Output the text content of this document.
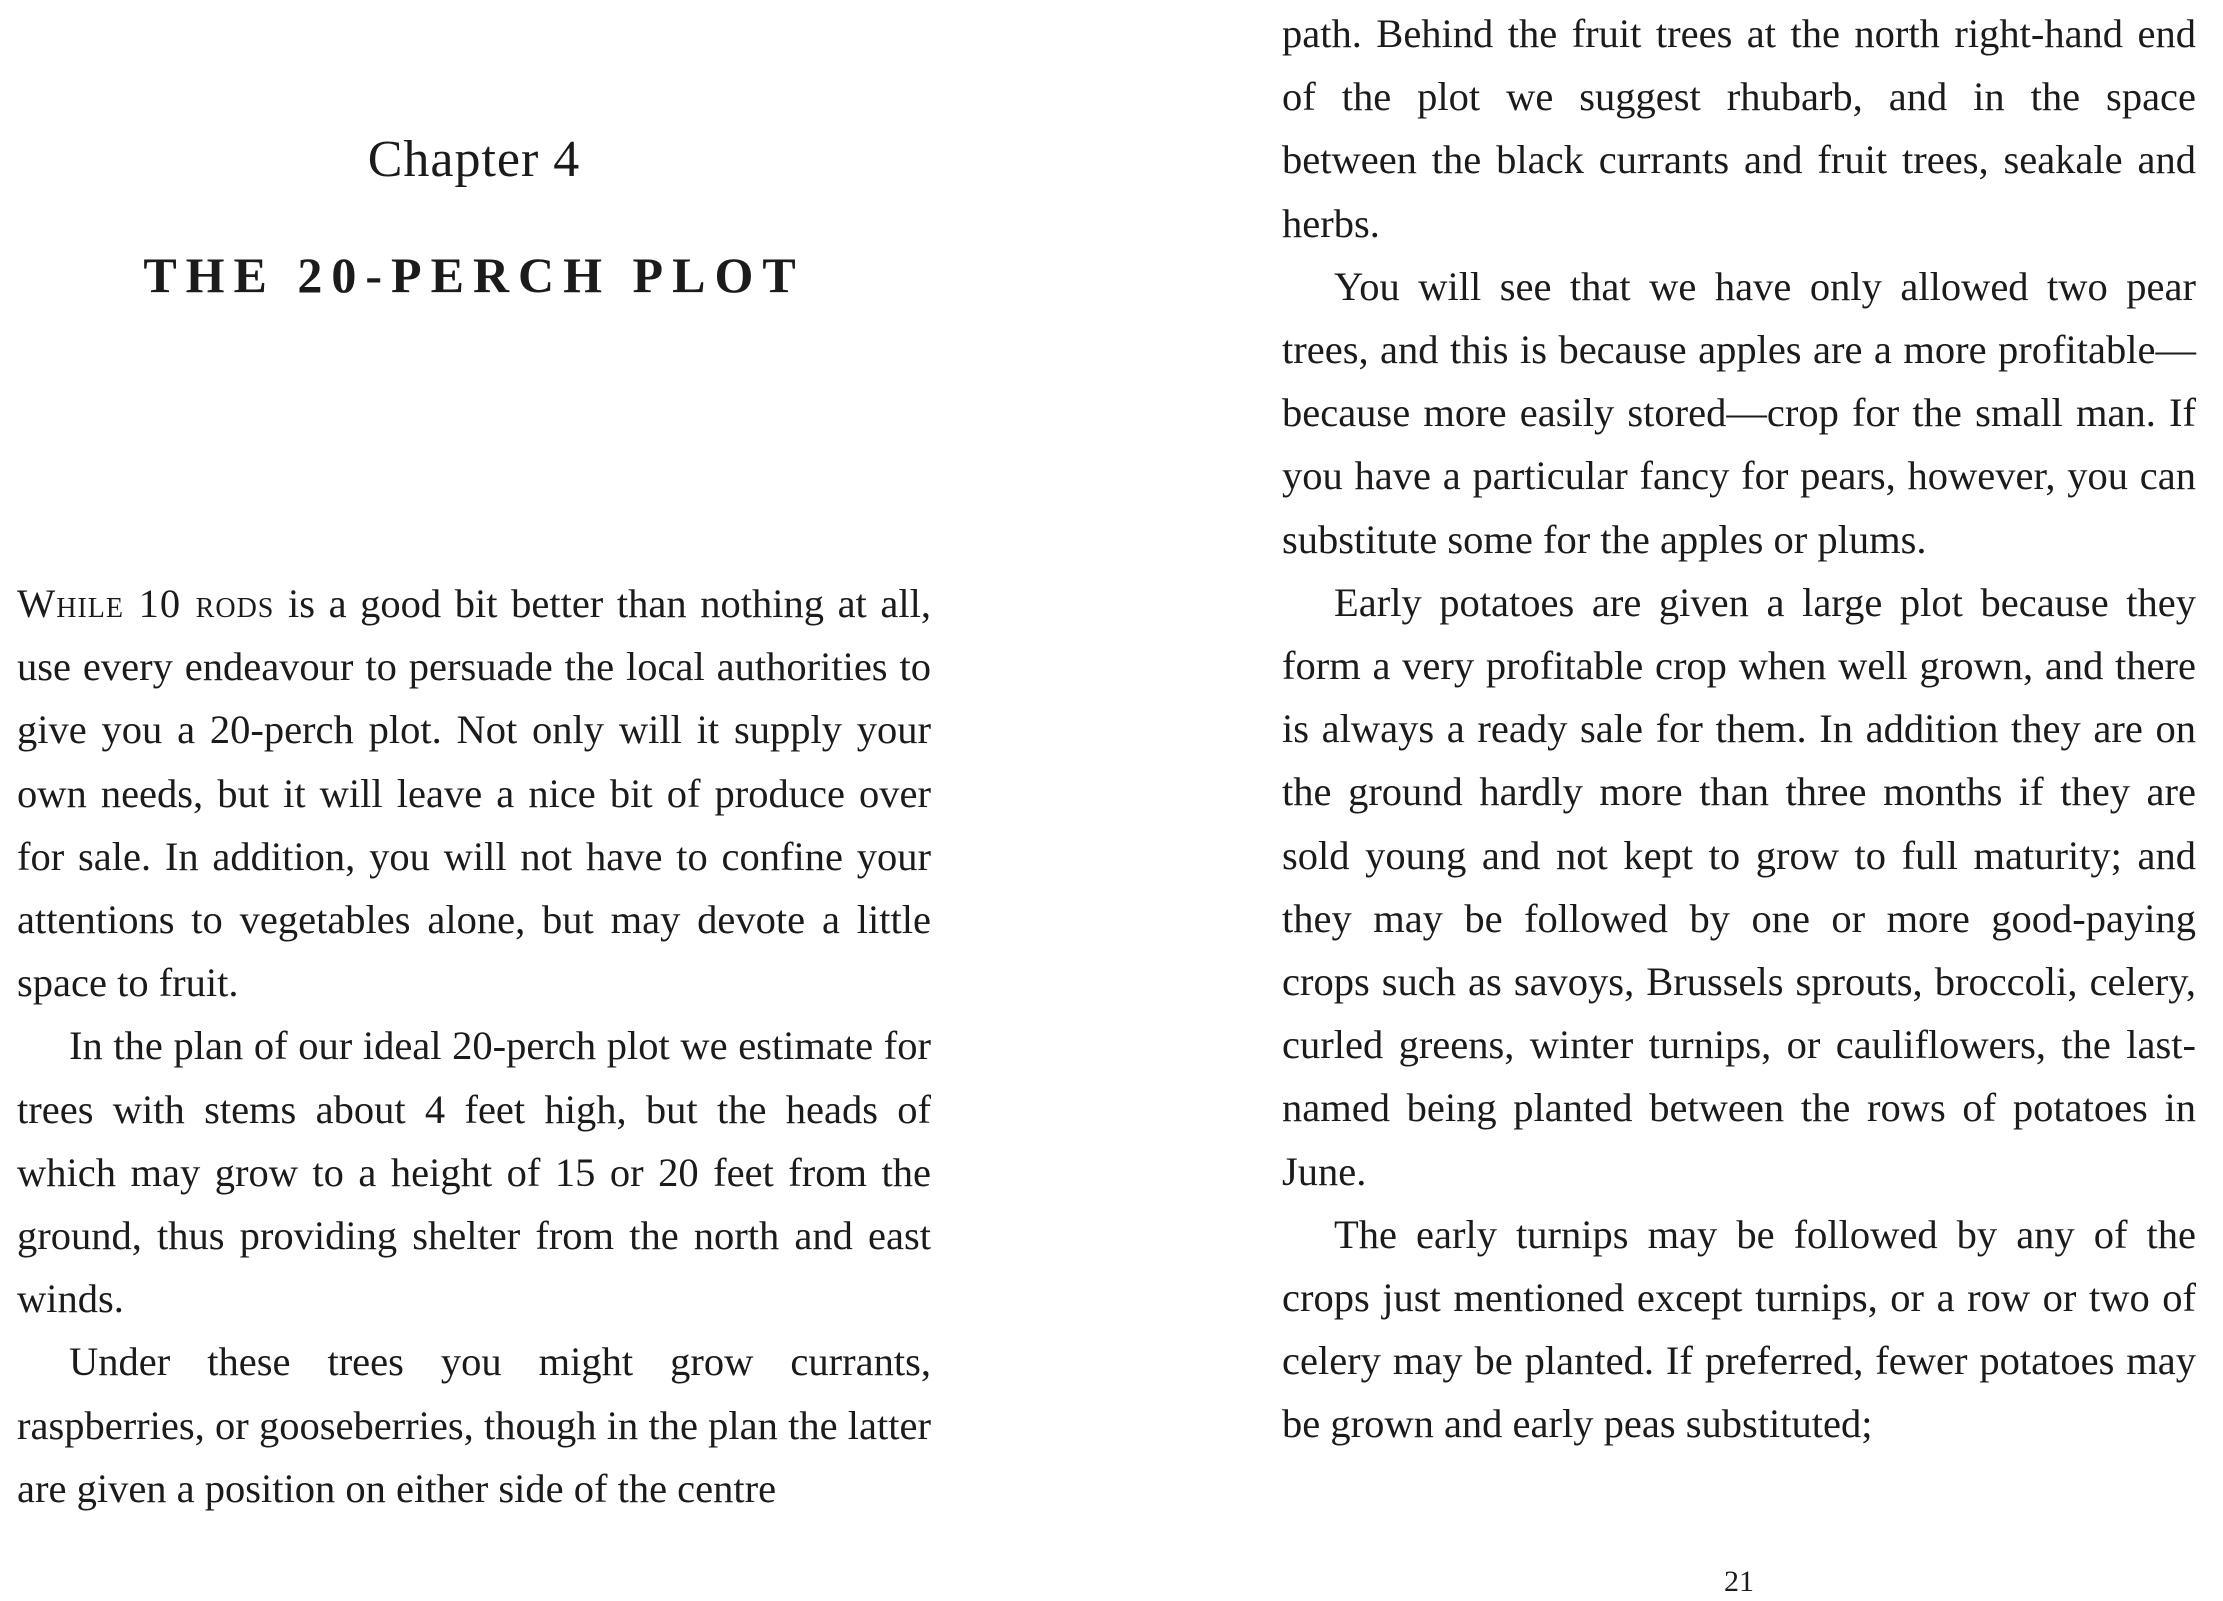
Chapter 4
THE 20-PERCH PLOT

While 10 rods is a good bit better than nothing at all, use every endeavour to persuade the local authorities to give you a 20-perch plot. Not only will it supply your own needs, but it will leave a nice bit of produce over for sale. In addition, you will not have to confine your attentions to vegetables alone, but may devote a little space to fruit.

In the plan of our ideal 20-perch plot we estimate for trees with stems about 4 feet high, but the heads of which may grow to a height of 15 or 20 feet from the ground, thus providing shelter from the north and east winds.

Under these trees you might grow currants, raspberries, or gooseberries, though in the plan the latter are given a position on either side of the centre

path. Behind the fruit trees at the north right-hand end of the plot we suggest rhubarb, and in the space between the black currants and fruit trees, seakale and herbs.

You will see that we have only allowed two pear trees, and this is because apples are a more profitable—because more easily stored—crop for the small man. If you have a particular fancy for pears, however, you can substitute some for the apples or plums.

Early potatoes are given a large plot because they form a very profitable crop when well grown, and there is always a ready sale for them. In addition they are on the ground hardly more than three months if they are sold young and not kept to grow to full maturity; and they may be followed by one or more good-paying crops such as savoys, Brussels sprouts, broccoli, celery, curled greens, winter turnips, or cauliflowers, the last-named being planted between the rows of potatoes in June.

The early turnips may be followed by any of the crops just mentioned except turnips, or a row or two of celery may be planted. If preferred, fewer potatoes may be grown and early peas substituted;

21
